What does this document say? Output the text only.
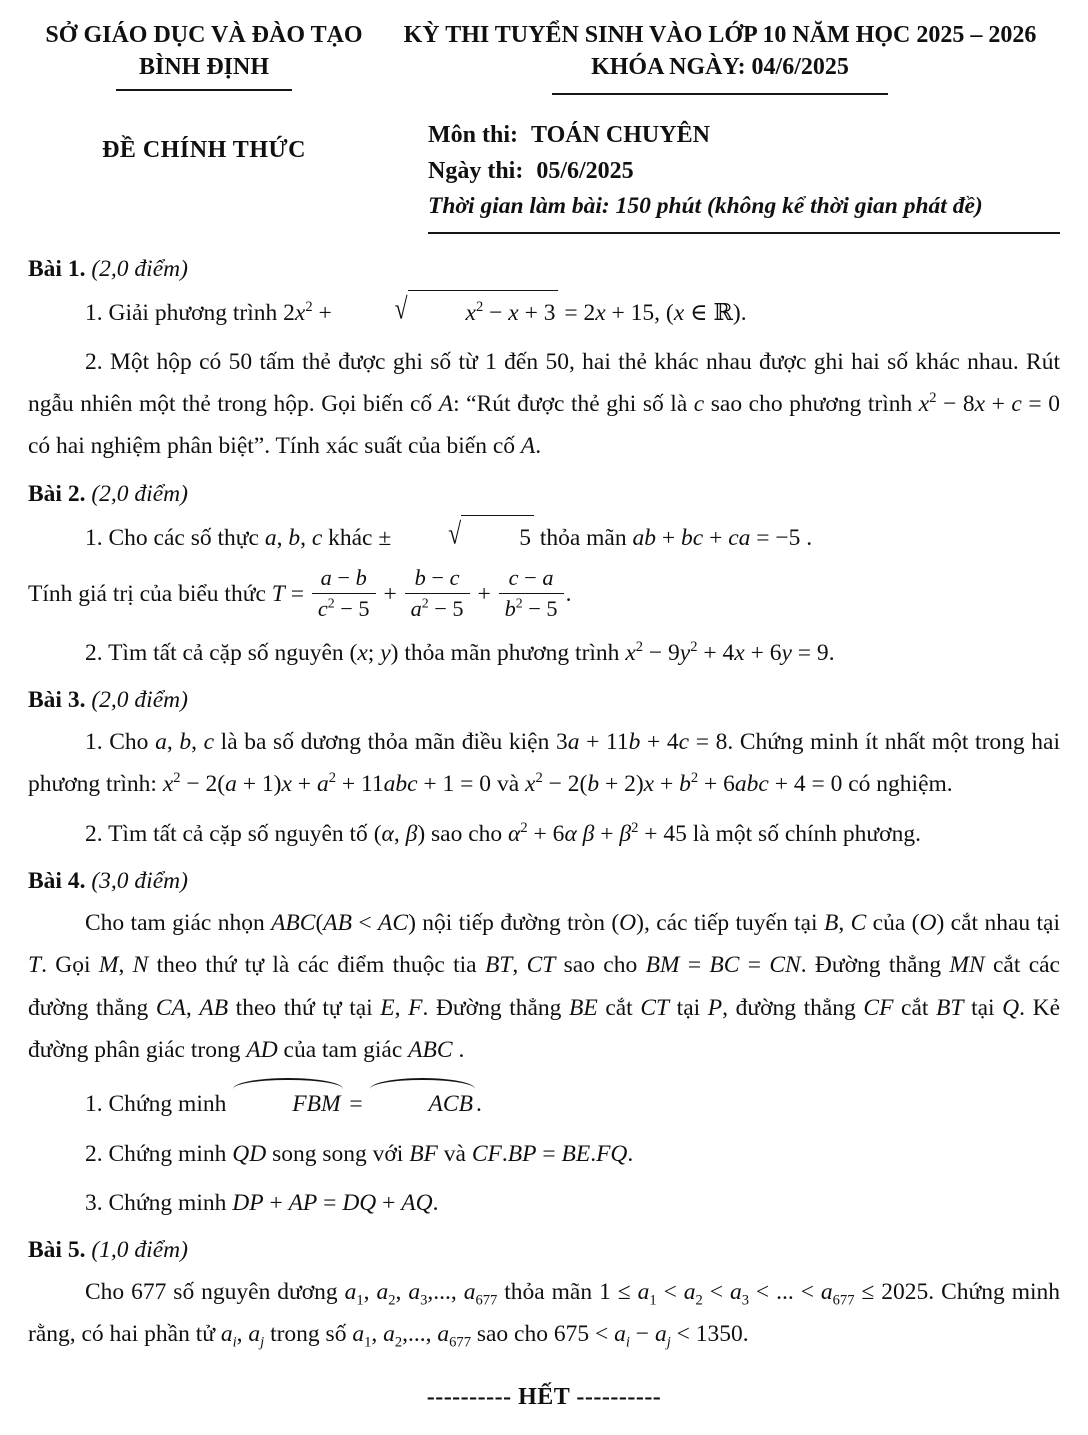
SỞ GIÁO DỤC VÀ ĐÀO TẠO
BÌNH ĐỊNH
ĐỀ CHÍNH THỨC
KỲ THI TUYỂN SINH VÀO LỚP 10 NĂM HỌC 2025 – 2026
KHÓA NGÀY: 04/6/2025
Môn thi: TOÁN CHUYÊN
Ngày thi: 05/6/2025
Thời gian làm bài: 150 phút (không kể thời gian phát đề)

Bài 1. (2,0 điểm)

1. Giải phương trình $2x^2$ + √ $x^2 - x + 3 = 2x + 15$, (x ∈ ℝ).

2. Một hộp có 50 tấm thẻ được ghi số từ 1 đến 50, hai thẻ khác nhau được ghi hai số khác nhau. Rút ngẫu nhiên một thẻ trong hộp. Gọi biến cố A: “Rút được thẻ ghi số là c sao cho phương trình $x^2 - 8x + c = 0$ có hai nghiệm phân biệt”. Tính xác suất của biến cố A.

Bài 2. (2,0 điểm)

1. Cho các số thực a, b, c khác ± √ 5 thỏa mãn ab + bc + ca = −5 .

Tính giá trị của biểu thức $T = \frac{a - b}{c^2 - 5} + \frac{b - c}{a^2 - 5} + \frac{c - a}{b^2 - 5}$ .

2. Tìm tất cả cặp số nguyên (x; y) thỏa mãn phương trình $x^2 - 9y^2 + 4x + 6y = 9$.

Bài 3. (2,0 điểm)

1. Cho a, b, c là ba số dương thỏa mãn điều kiện 3a + 11b + 4c = 8. Chứng minh ít nhất một trong hai phương trình: $x^2 - 2(a + 1)x + a^2 + 11abc + 1 = 0$ và $x^2 - 2(b + 2)x + b^2 + 6abc + 4 = 0$ có nghiệm.

2. Tìm tất cả cặp số nguyên tố (α, β) sao cho $\alpha^2 + 6\alpha$ $\beta + \beta^2 + 45$ là một số chính phương.

Bài 4. (3,0 điểm)

Cho tam giác nhọn ABC(AB < AC) nội tiếp đường tròn (O), các tiếp tuyến tại B, C của (O) cắt nhau tại T. Gọi M, N theo thứ tự là các điểm thuộc tia BT, CT sao cho BM = BC = CN. Đường thẳng MN cắt các đường thẳng CA, AB theo thứ tự tại E, F. Đường thẳng BE cắt CT tại P, đường thẳng CF cắt BT tại Q. Kẻ đường phân giác trong AD của tam giác ABC .

1. Chứng minh	FBM =	ACB .

2. Chứng minh QD song song với BF và CF.BP = BE.FQ.

3. Chứng minh DP + AP = DQ + AQ.

Bài 5. (1,0 điểm)

Cho 677 số nguyên dương $a_1$, $a_2$, $a_3$,..., $a_{677}$ thỏa mãn $1 \le a_1 < a_2 < a_3$ < ... < $a_{677} \le 2025$. Chứng minh rằng, có hai phần tử $a_i$, $a_j$ trong số $a_1$, $a_2$,..., $a_{677}$ sao cho $675 < a_i - a_j < 1350$.

---------- HẾT ----------
